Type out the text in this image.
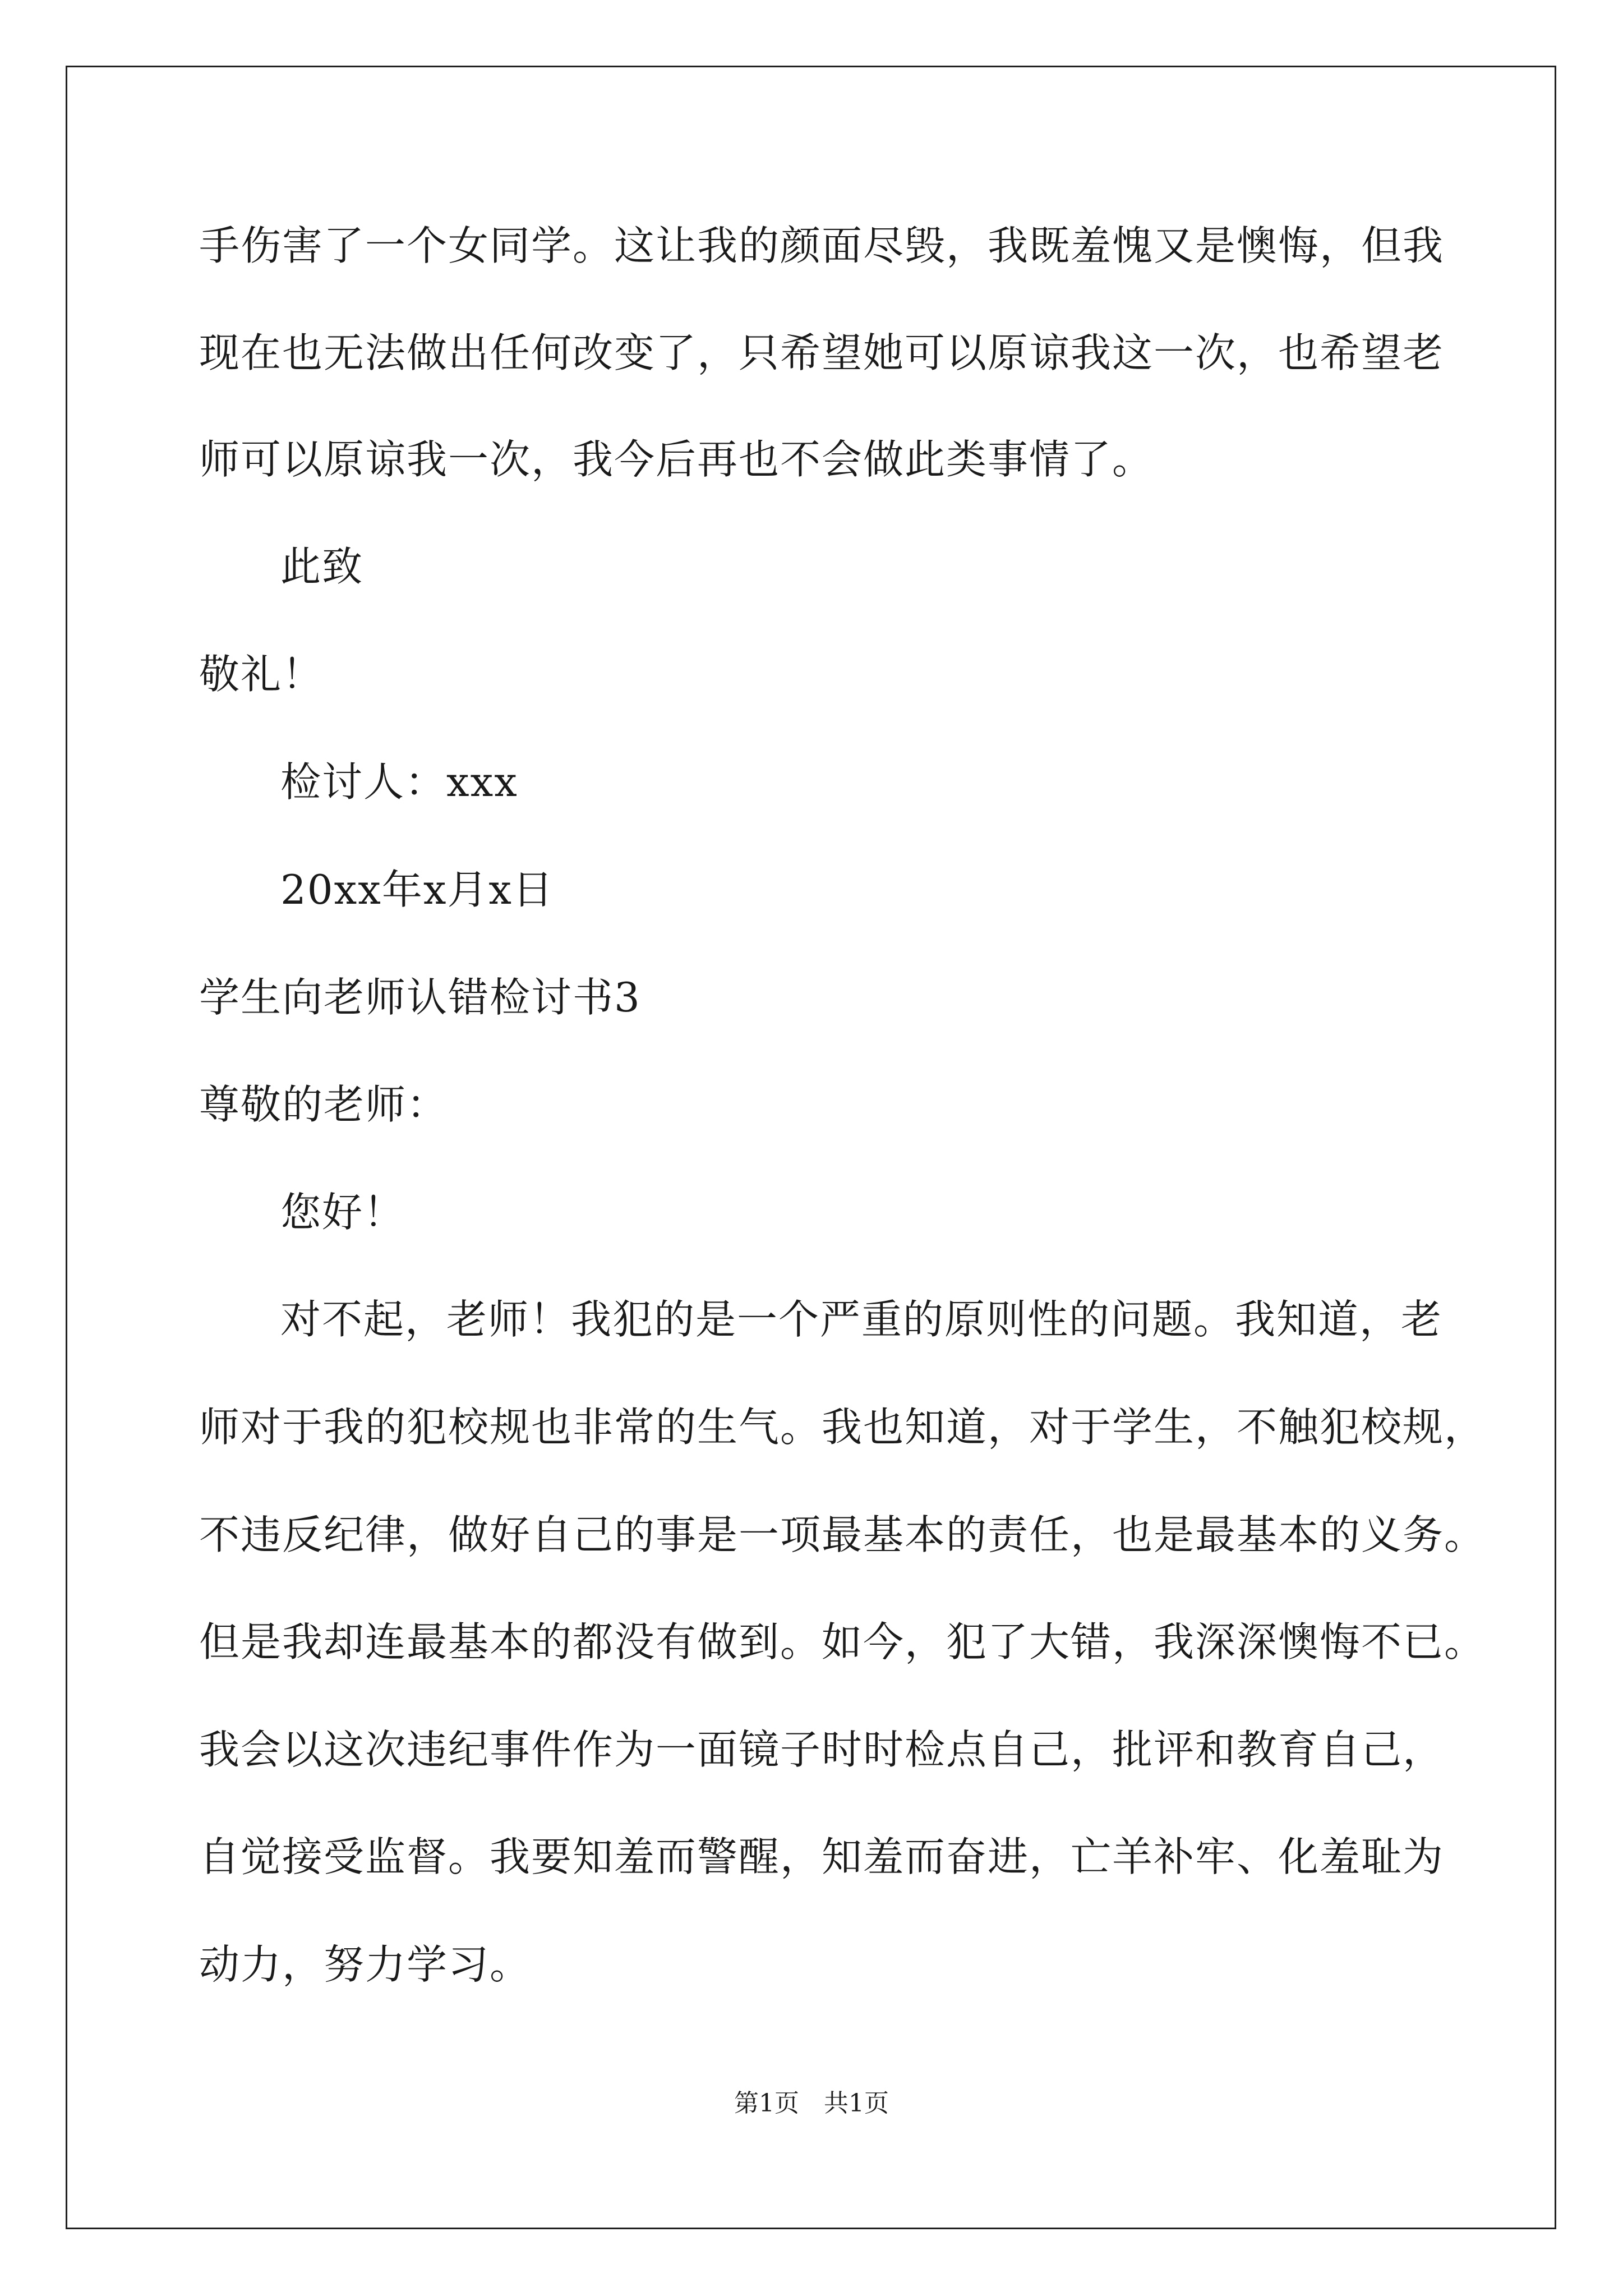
手伤害了一个女同学。这让我的颜面尽毁，我既羞愧又是懊悔，但我
现在也无法做出任何改变了，只希望她可以原谅我这一次，也希望老
师可以原谅我一次，我今后再也不会做此类事情了。
此致
敬礼！
检讨人：xxx
20xx年x月x日
学生向老师认错检讨书3
尊敬的老师：
您好！
对不起，老师！我犯的是一个严重的原则性的问题。我知道，老
师对于我的犯校规也非常的生气。我也知道，对于学生，不触犯校规，
不违反纪律，做好自己的事是一项最基本的责任，也是最基本的义务。
但是我却连最基本的都没有做到。如今，犯了大错，我深深懊悔不已。
我会以这次违纪事件作为一面镜子时时检点自己，批评和教育自己，
自觉接受监督。我要知羞而警醒，知羞而奋进，亡羊补牢、化羞耻为
动力，努力学习。
第1页　共1页
